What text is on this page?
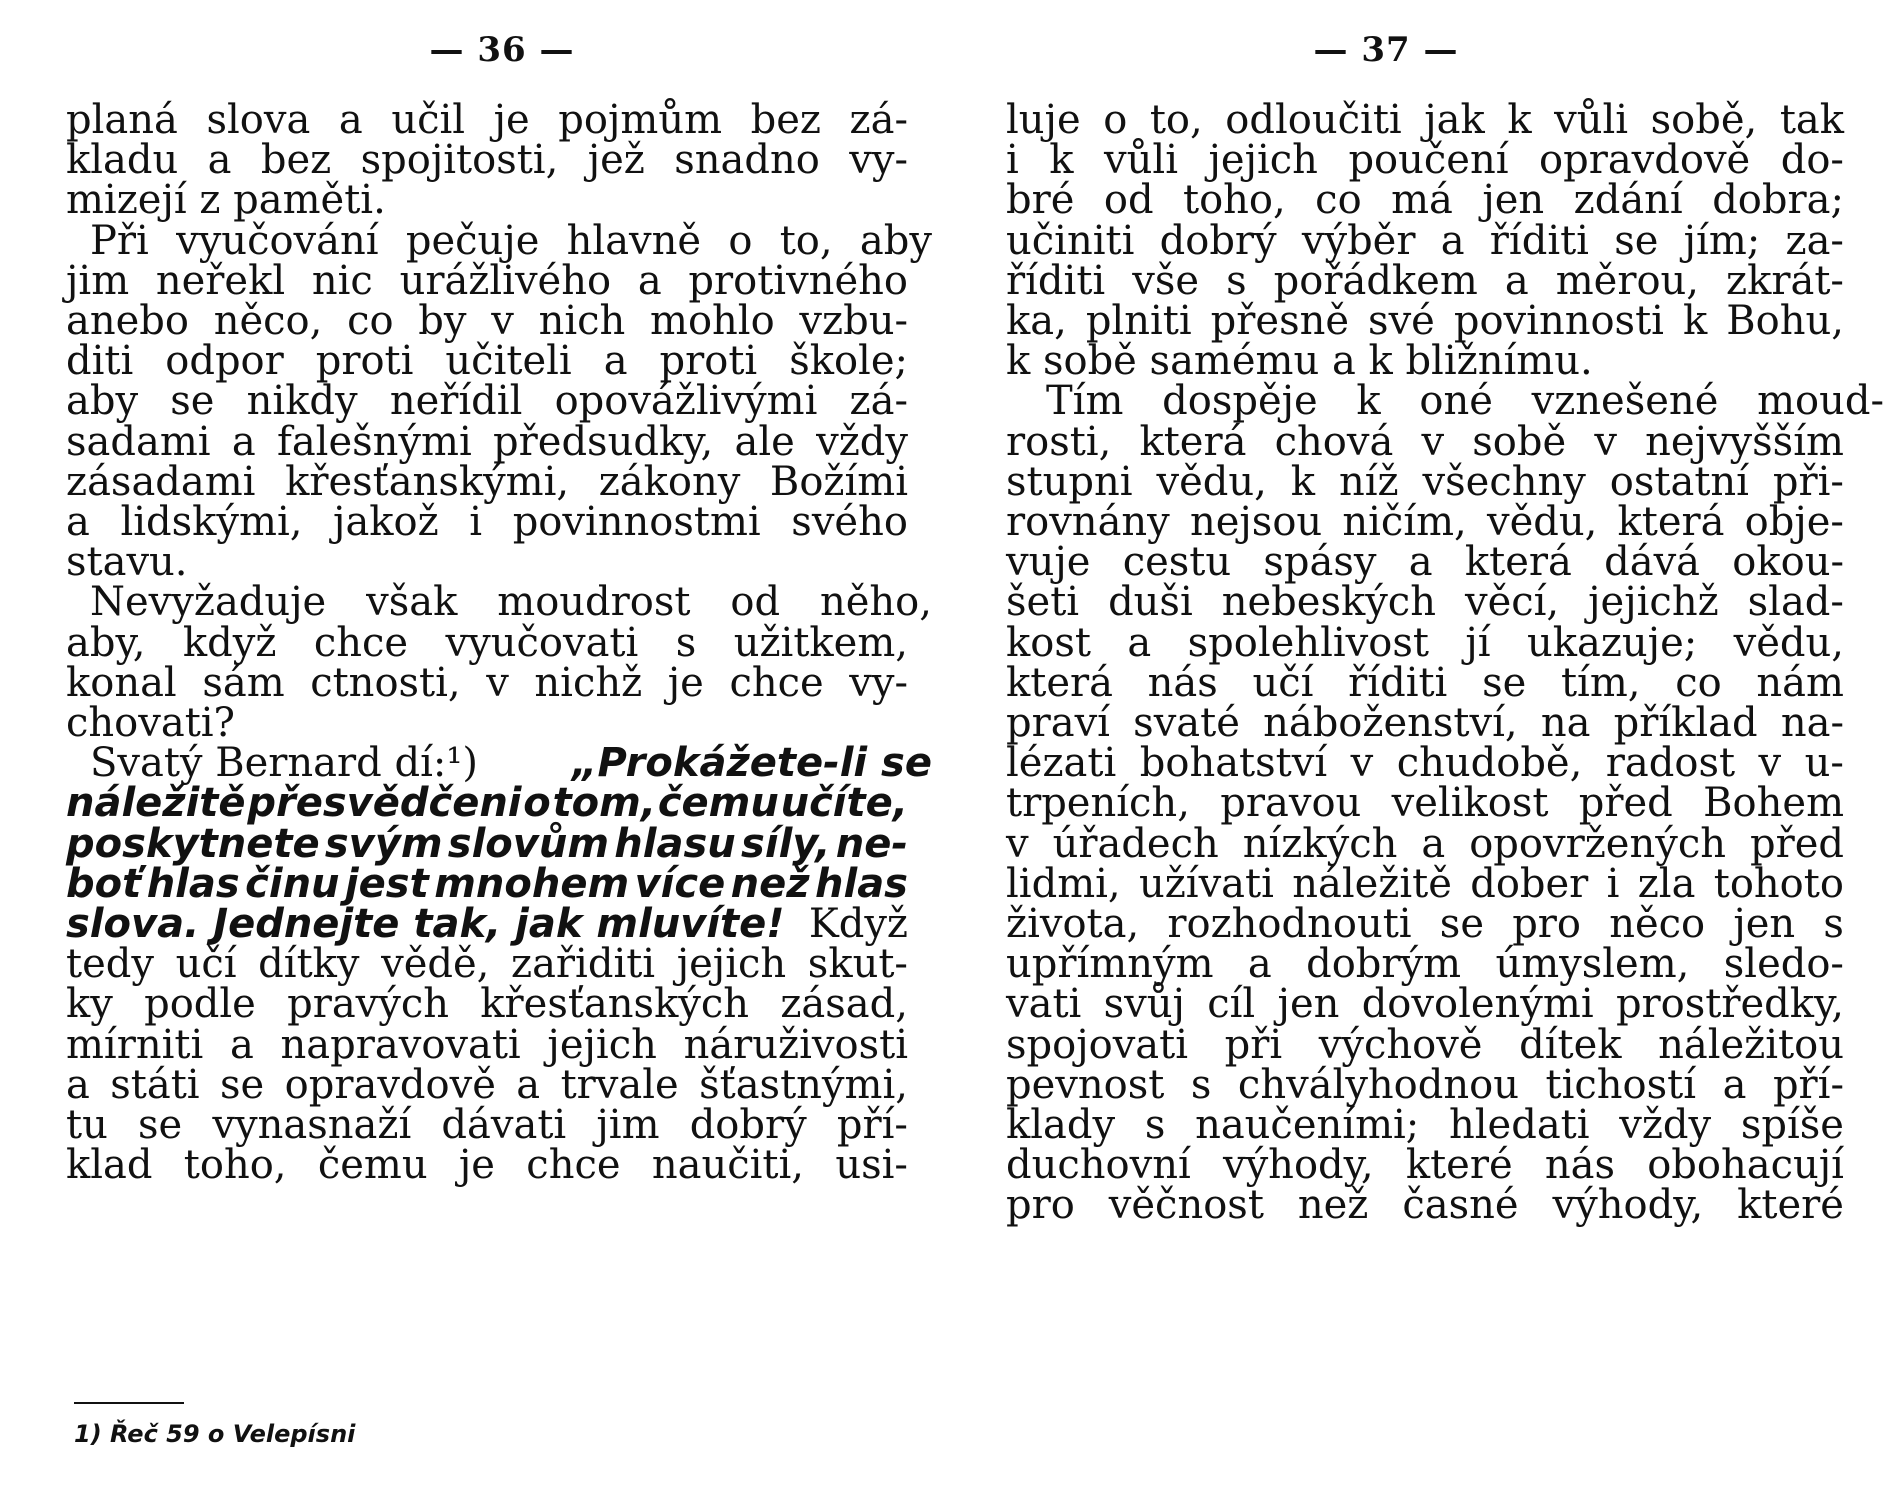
— 36 —
planá slova a učil je pojmům bez zá-
kladu a bez spojitosti, jež snadno vy-
mizejí z paměti.
Při vyučování pečuje hlavně o to, aby
jim neřekl nic urážlivého a protivného
anebo něco, co by v nich mohlo vzbu-
diti odpor proti učiteli a proti škole;
aby se nikdy neřídil opovážlivými zá-
sadami a falešnými předsudky, ale vždy
zásadami křesťanskými, zákony Božími
a lidskými, jakož i povinnostmi svého
stavu.
Nevyžaduje však moudrost od něho,
aby, když chce vyučovati s užitkem,
konal sám ctnosti, v nichž je chce vy-
chovati?
Svatý Bernard dí:¹) „Prokážete-li se
náležitě přesvědčeni o tom, čemu učíte,
poskytnete svým slovům hlasu síly, ne-
boť hlas činu jest mnohem více než hlas
slova. Jednejte tak, jak mluvíte! Když
tedy učí dítky vědě, zařiditi jejich skut-
ky podle pravých křesťanských zásad,
mírniti a napravovati jejich náruživosti
a státi se opravdově a trvale šťastnými,
tu se vynasnaží dávati jim dobrý pří-
klad toho, čemu je chce naučiti, usi-
1) Řeč 59 o Velepísni
— 37 —
luje o to, odloučiti jak k vůli sobě, tak
i k vůli jejich poučení opravdově do-
bré od toho, co má jen zdání dobra;
učiniti dobrý výběr a říditi se jím; za-
říditi vše s pořádkem a měrou, zkrát-
ka, plniti přesně své povinnosti k Bohu,
k sobě samému a k bližnímu.
Tím dospěje k oné vznešené moud-
rosti, která chová v sobě v nejvyšším
stupni vědu, k níž všechny ostatní při-
rovnány nejsou ničím, vědu, která obje-
vuje cestu spásy a která dává okou-
šeti duši nebeských věcí, jejichž slad-
kost a spolehlivost jí ukazuje; vědu,
která nás učí říditi se tím, co nám
praví svaté náboženství, na příklad na-
lézati bohatství v chudobě, radost v u-
trpeních, pravou velikost před Bohem
v úřadech nízkých a opovržených před
lidmi, užívati náležitě dober i zla tohoto
života, rozhodnouti se pro něco jen s
upřímným a dobrým úmyslem, sledo-
vati svůj cíl jen dovolenými prostředky,
spojovati při výchově dítek náležitou
pevnost s chvályhodnou tichostí a pří-
klady s naučeními; hledati vždy spíše
duchovní výhody, které nás obohacují
pro věčnost než časné výhody, které
